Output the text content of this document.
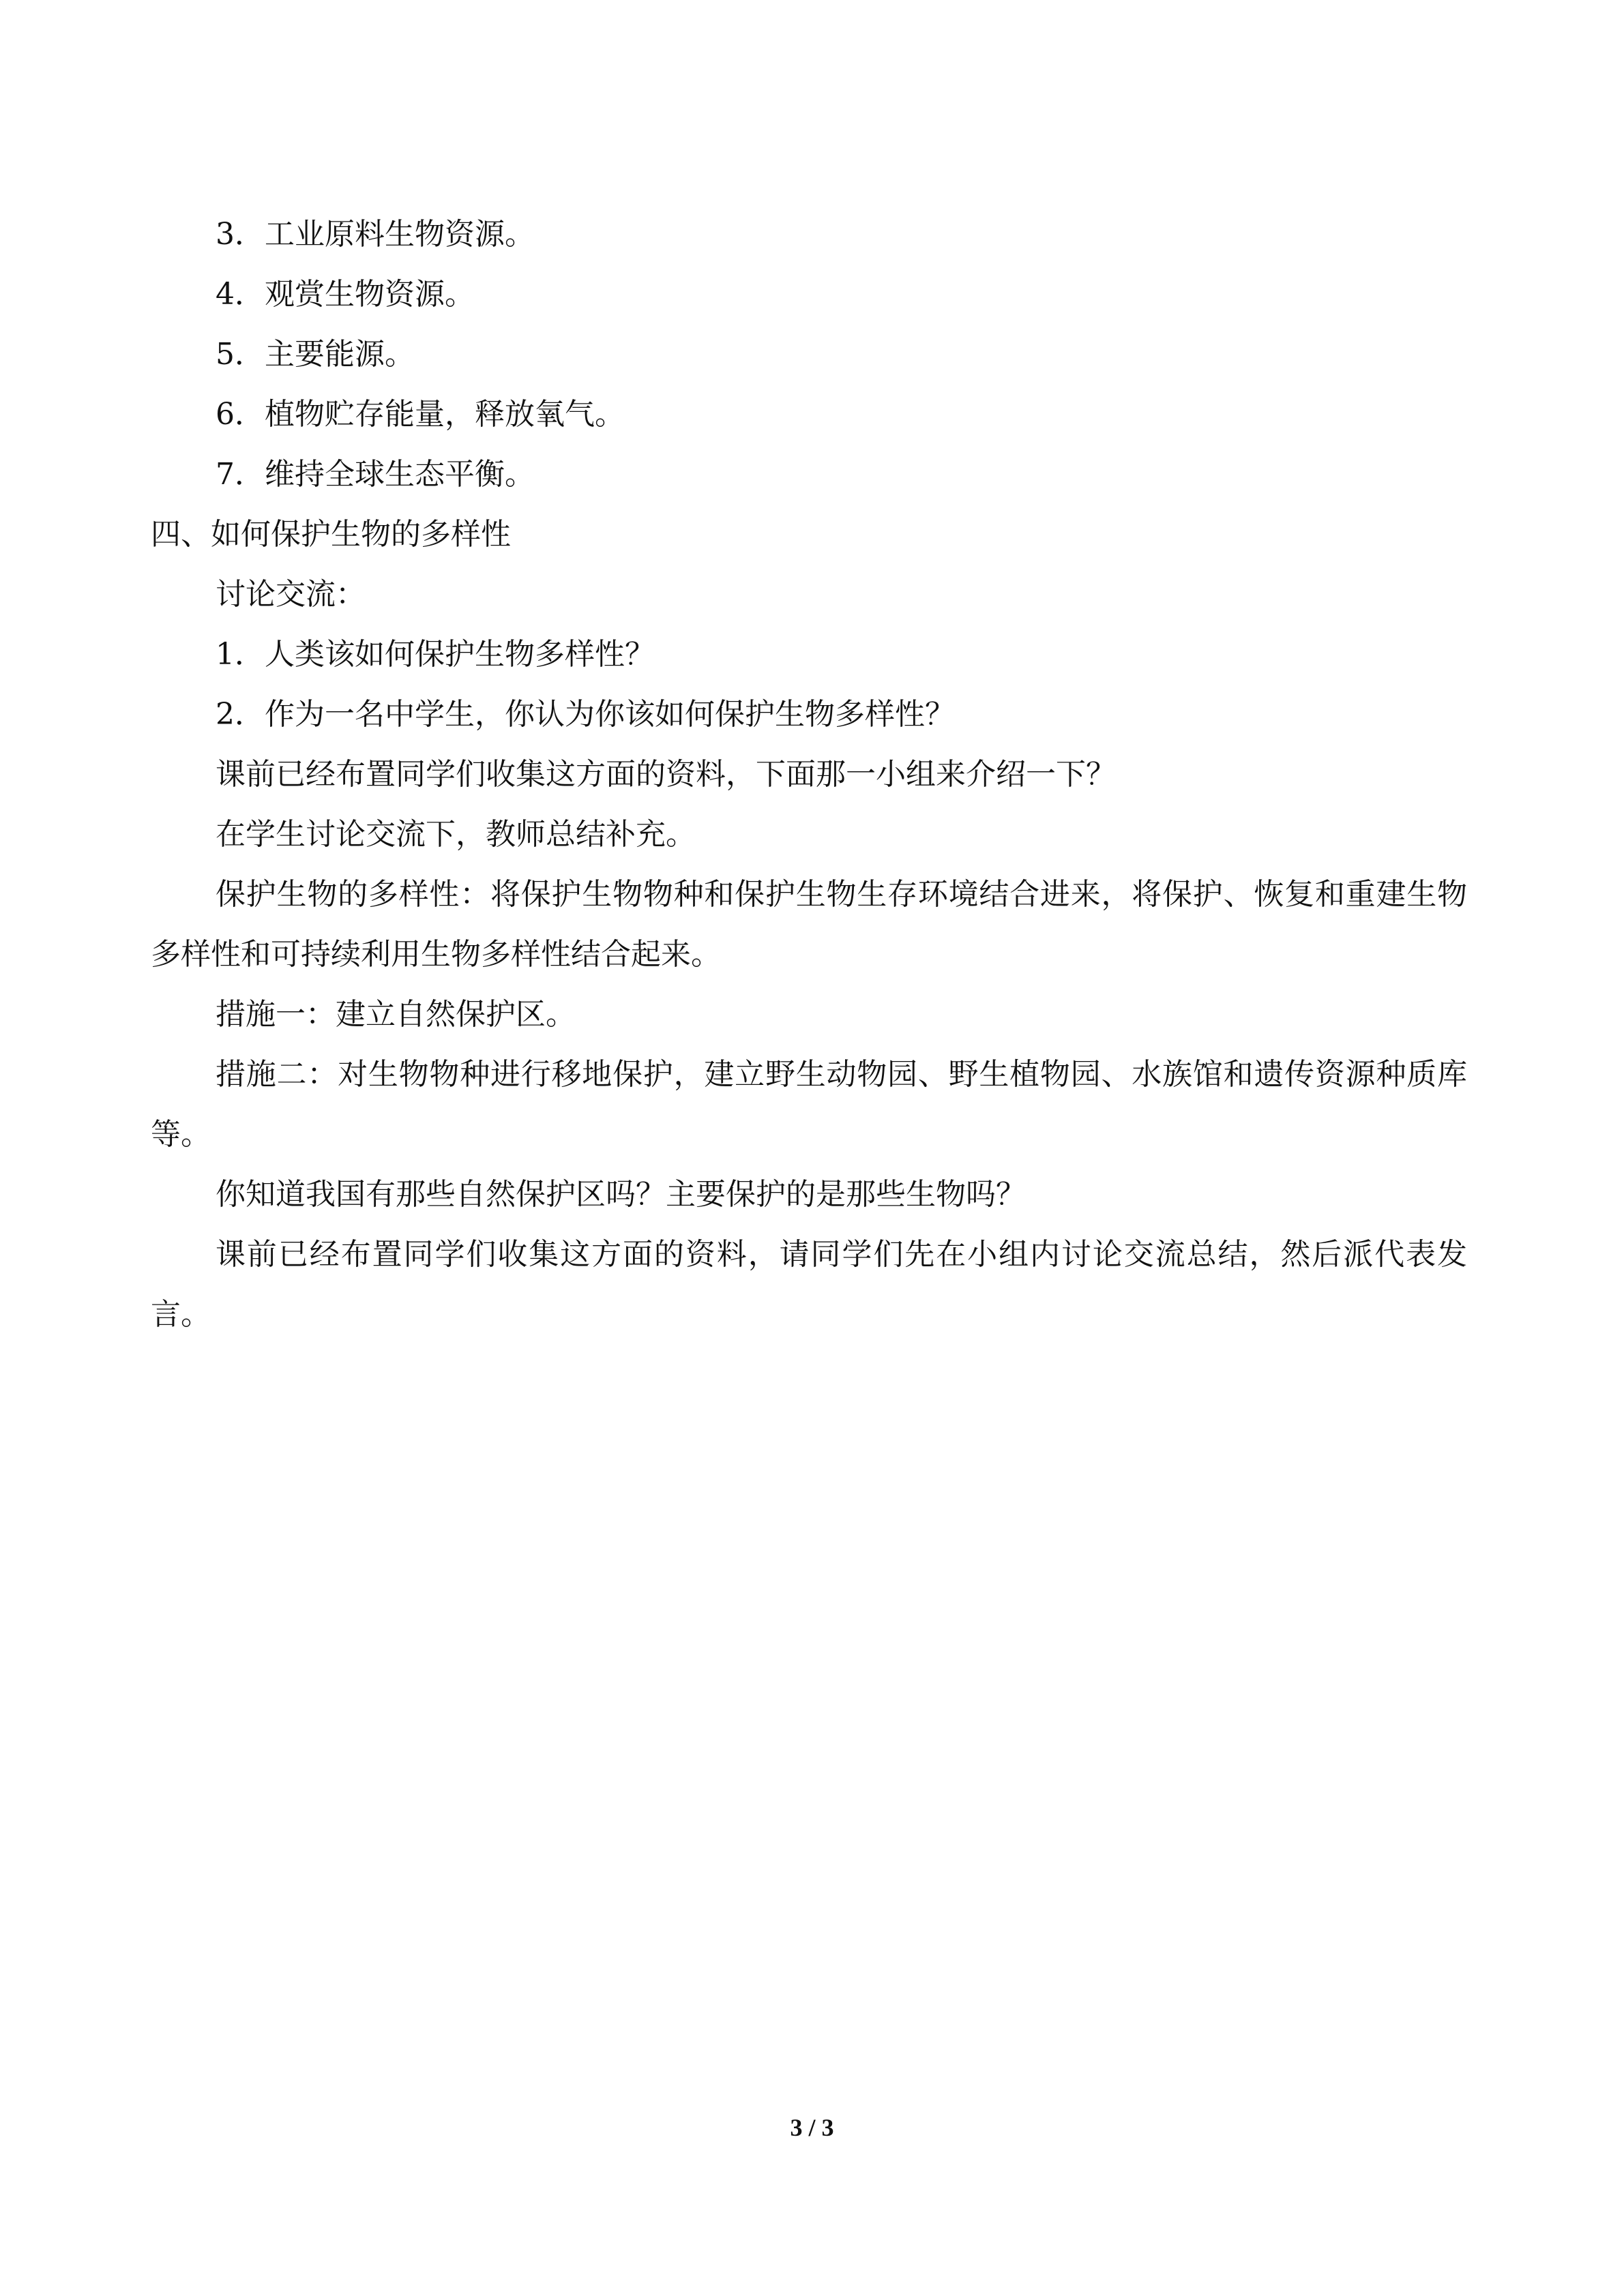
3．工业原料生物资源。

4．观赏生物资源。

5．主要能源。

6．植物贮存能量，释放氧气。

7．维持全球生态平衡。

四、如何保护生物的多样性

讨论交流：

1．人类该如何保护生物多样性？

2．作为一名中学生，你认为你该如何保护生物多样性？

课前已经布置同学们收集这方面的资料，下面那一小组来介绍一下？

在学生讨论交流下，教师总结补充。

保护生物的多样性：将保护生物物种和保护生物生存环境结合进来，将保护、恢复和重建生物多样性和可持续利用生物多样性结合起来。

措施一：建立自然保护区。

措施二：对生物物种进行移地保护，建立野生动物园、野生植物园、水族馆和遗传资源种质库等。

你知道我国有那些自然保护区吗？主要保护的是那些生物吗？

课前已经布置同学们收集这方面的资料，请同学们先在小组内讨论交流总结，然后派代表发言。

3 / 3
